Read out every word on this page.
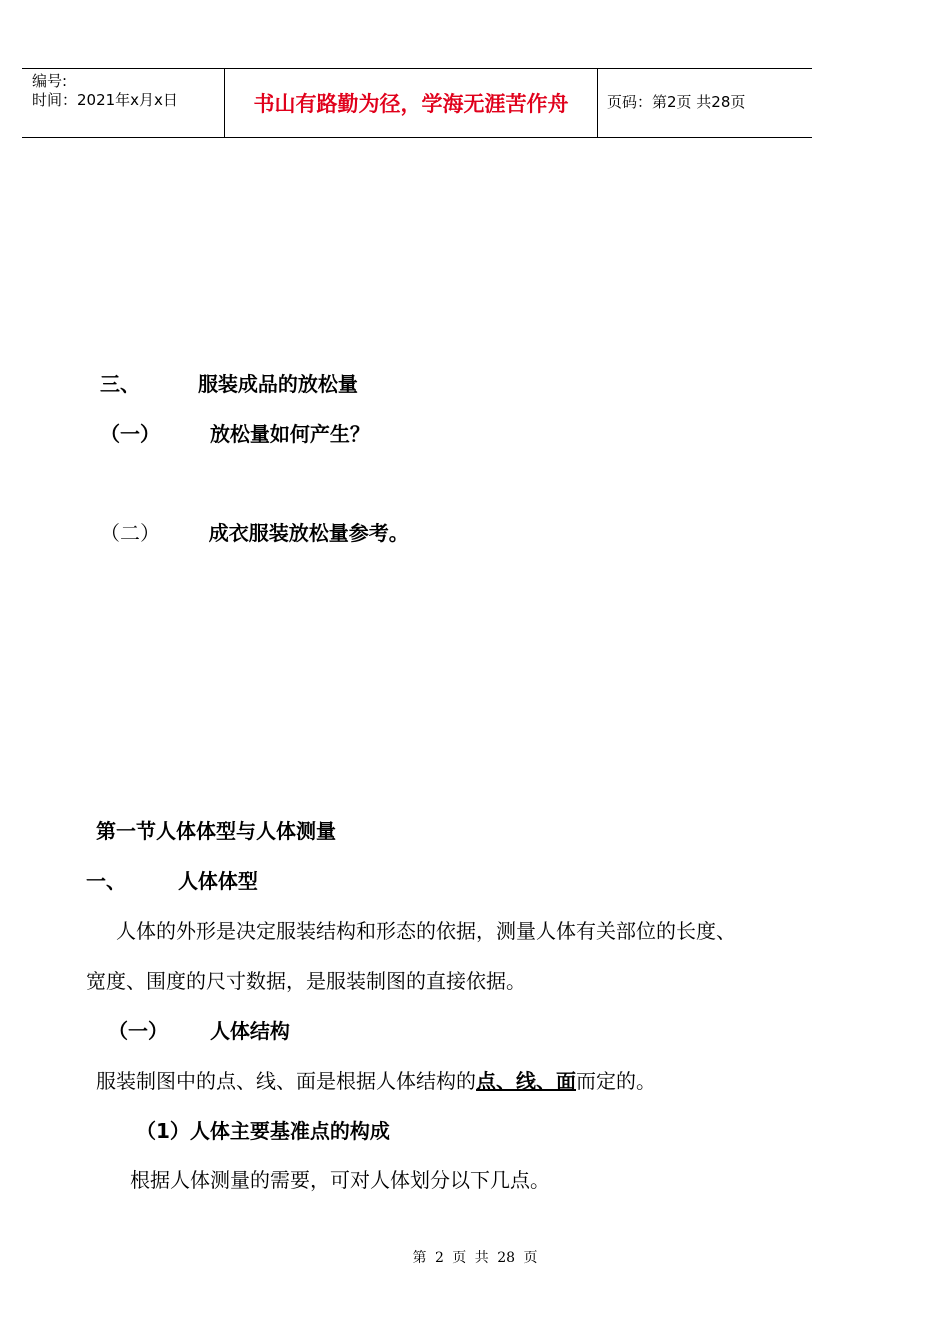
编号:
时间：2021年x月x日	书山有路勤为径，学海无涯苦作舟	页码：第2页 共28页
三、	服装成品的放松量
（一） 放松量如何产生？
（二） 成衣服装放松量参考。
第一节人体体型与人体测量
一、	人体体型
人体的外形是决定服装结构和形态的依据，测量人体有关部位的长度、
宽度、围度的尺寸数据，是服装制图的直接依据。
（一） 人体结构
服装制图中的点、线、面是根据人体结构的点、线、面而定的。
（1）人体主要基准点的构成
根据人体测量的需要，可对人体划分以下几点。
第 2 页 共 28 页
